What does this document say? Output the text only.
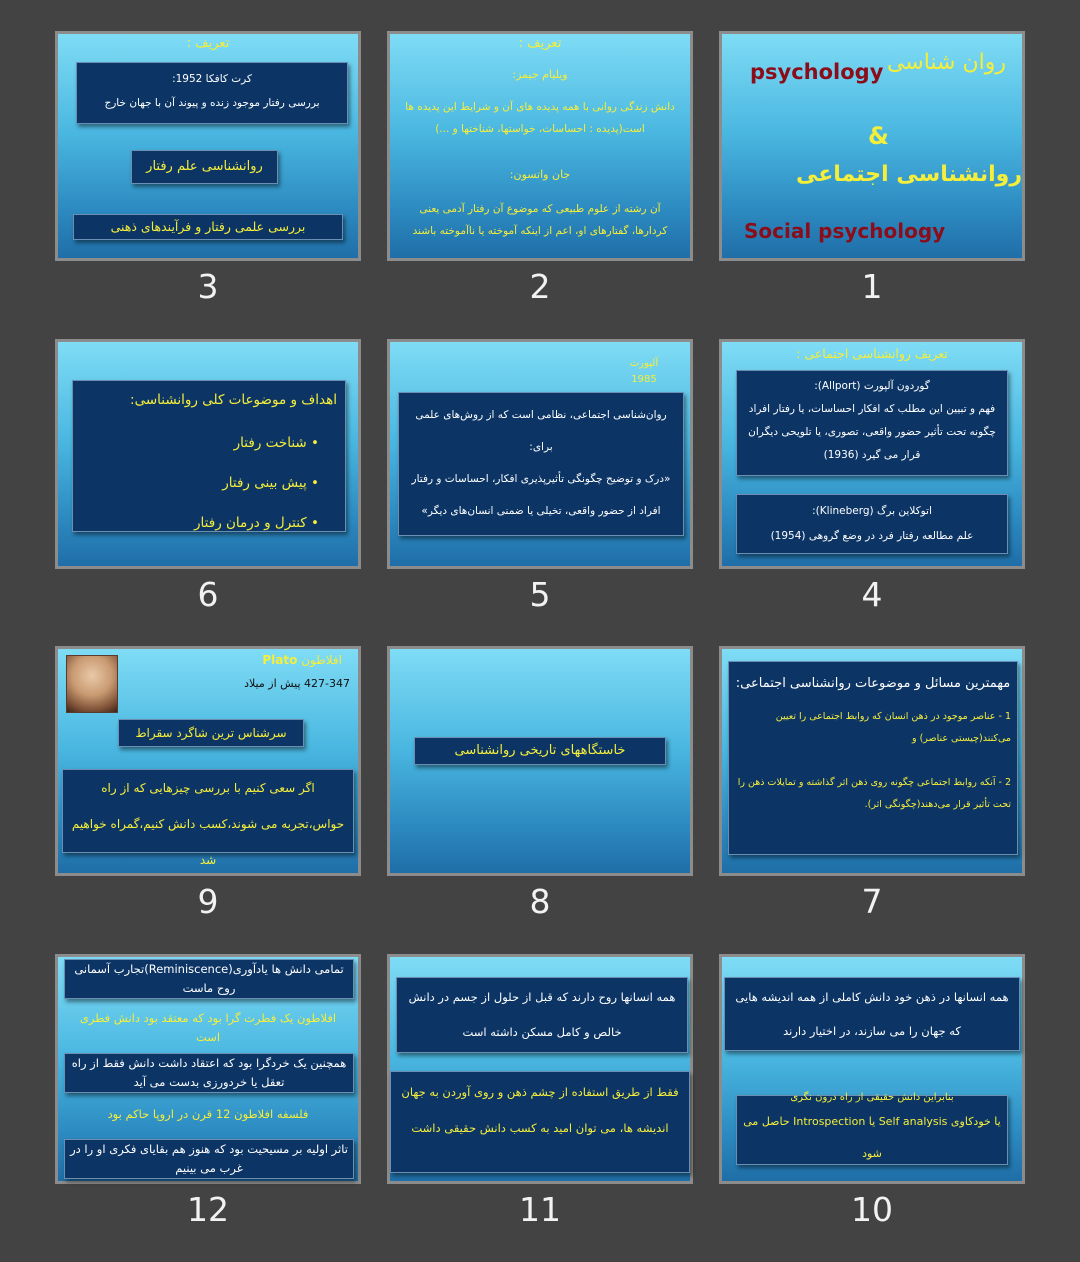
روان شناسی
psychology
&
روانشناسی اجتماعی
Social psychology
1
تعریف :
ویلیام جیمز:
دانش زندگی روانی با همه پدیده های آن و شرایط این پدیده ها است(پدیده : احساسات، خواستها، شناختها و ...)
جان واتسون:
آن رشته از علوم طبیعی که موضوع آن رفتار آدمی یعنی کردارها، گفتارهای او، اعم از اینکه آموخته یا ناآموخته باشند
2
تعریف :
کرت کافکا 1952:
بررسی رفتار موجود زنده و پیوند آن با جهان خارج
روانشناسی علم رفتار
بررسی علمی رفتار و فرآیندهای ذهنی
3
تعریف روانشناسی اجتماعی :
گوردون آلپورت (Allport):
فهم و تبیین این مطلب که افکار احساسات، یا رفتار افراد چگونه تحت تأثیر حضور واقعی، تصوری، یا تلویحی دیگران قرار می گیرد (1936)
اتوکلاین برگ (Klineberg):
علم مطالعه رفتار فرد در وضع گروهی (1954)
4
آلپورت 1985
روان‌شناسی اجتماعی، نظامی است که از روش‌های علمی برای:
«درک و توضیح چگونگی تأثیرپذیری افکار، احساسات و رفتار افراد از حضور واقعی، تخیلی یا ضمنی انسان‌های دیگر»
5
اهداف و موضوعات کلی روانشناسی:
• شناخت رفتار
• پیش بینی رفتار
• کنترل و درمان رفتار
6
مهمترین مسائل و موضوعات روانشناسی اجتماعی:
1 - عناصر موجود در ذهن انسان که روابط اجتماعی را تعیین می‌کنند(چیستی عناصر) و
2 - آنکه روابط اجتماعی چگونه روی ذهن اثر گذاشته و تمایلات ذهن را تحت تأثیر قرار می‌دهند(چگونگی اثر).
7
خاستگاههای تاریخی روانشناسی
8
افلاطون Plato
427-347 پیش از میلاد
سرشناس ترین شاگرد سقراط
اگر سعی کنیم با بررسی چیزهایی که از راه حواس،تجربه می شوند،کسب دانش کنیم،گمراه خواهیم شد
9
همه انسانها در ذهن خود دانش کاملی از همه اندیشه هایی که جهان را می سازند، در اختیار دارند
بنابراین دانش حقیقی از راه درون نگری
یا خودکاوی Self analysis یا Introspection حاصل می شود
10
همه انسانها روح دارند که قبل از حلول از جسم در دانش خالص و کامل مسکن داشته است
فقط از طریق استفاده از چشم ذهن و روی آوردن به جهان اندیشه ها، می توان امید به کسب دانش حقیقی داشت
11
تمامی دانش ها یادآوری(Reminiscence)تجارب آسمانی روح ماست
افلاطون یک فطرت گرا بود که معتقد بود دانش فطری است
همچنین یک خردگرا بود که اعتقاد داشت دانش فقط از راه تعقل یا خردورزی بدست می آید
فلسفه افلاطون 12 قرن در اروپا حاکم بود
تاثر اولیه بر مسیحیت بود که هنوز هم بقایای فکری او را در غرب می بینیم
12
